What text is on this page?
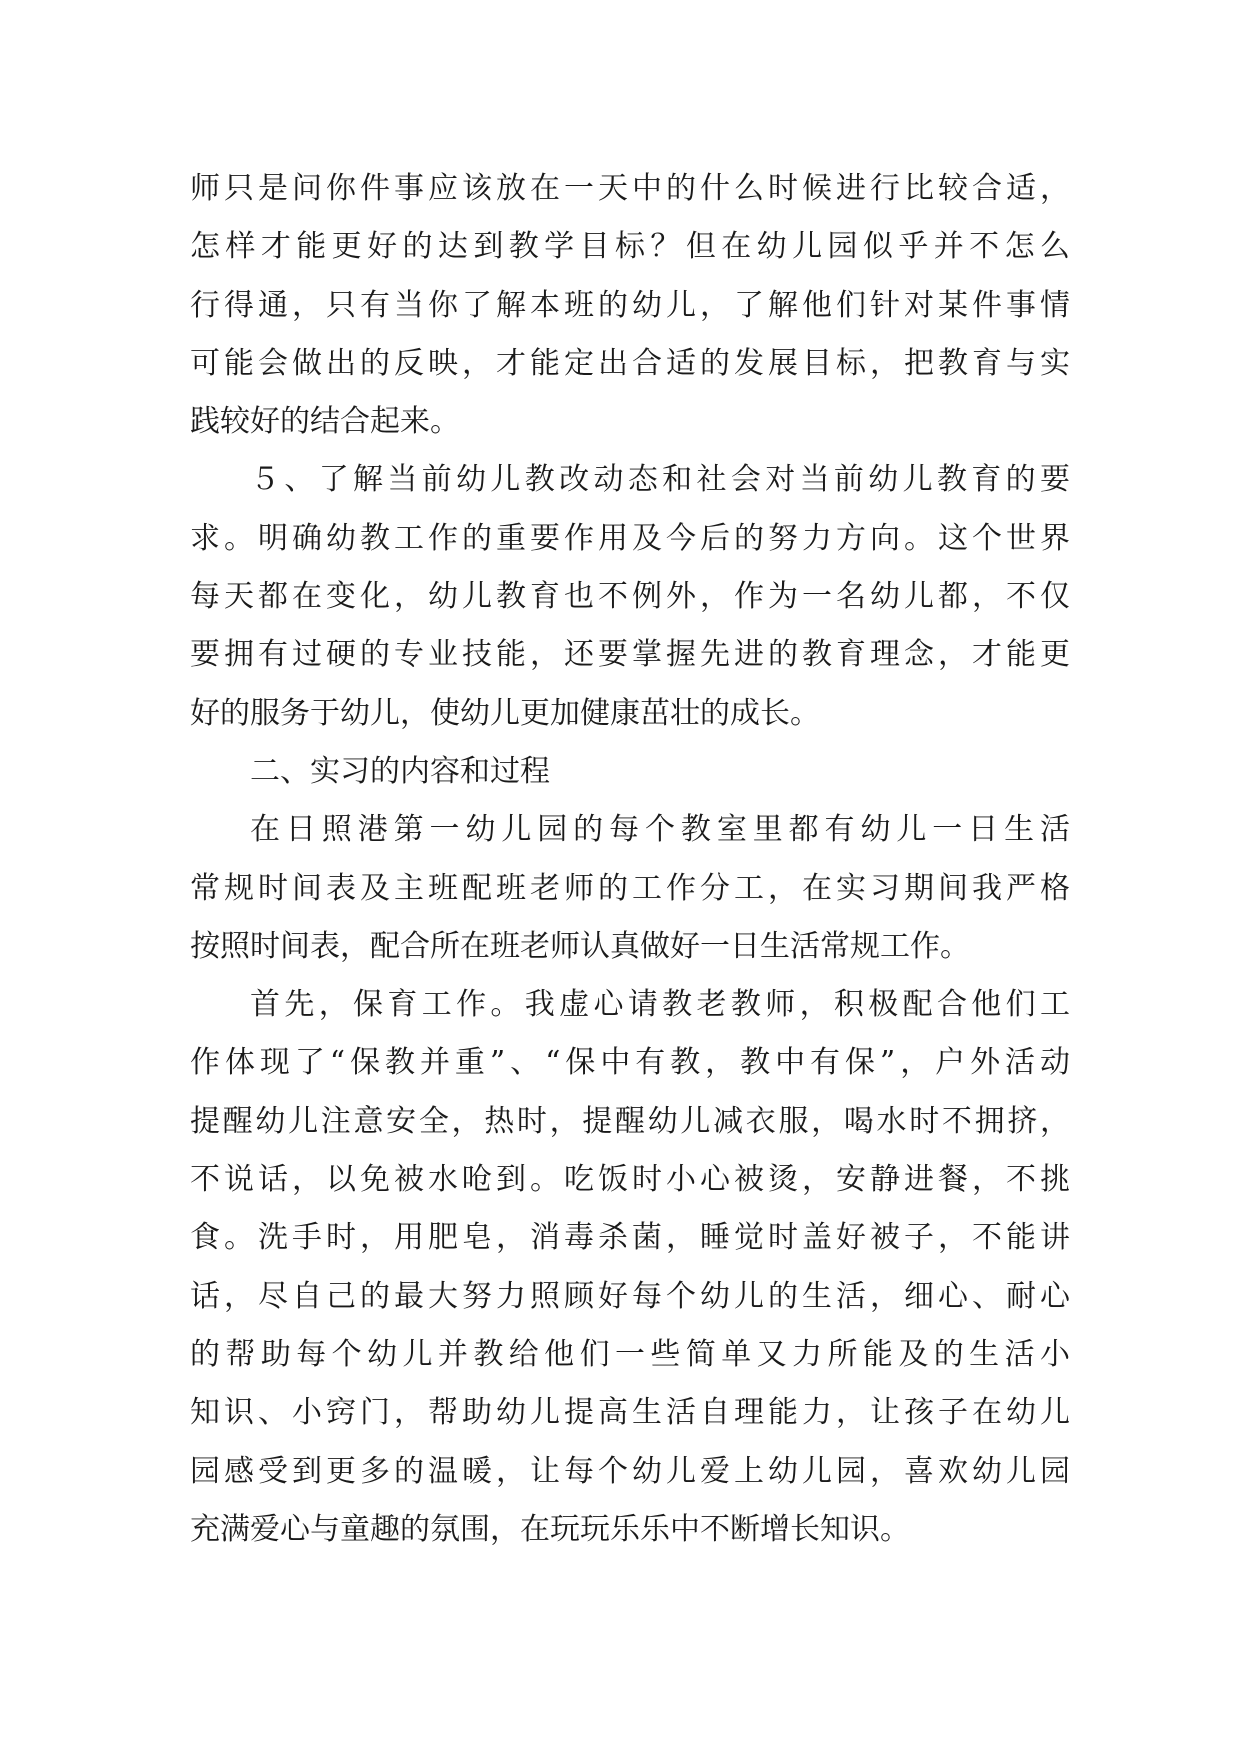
师只是问你件事应该放在一天中的什么时候进行比较合适，
怎样才能更好的达到教学目标？但在幼儿园似乎并不怎么
行得通，只有当你了解本班的幼儿，了解他们针对某件事情
可能会做出的反映，才能定出合适的发展目标，把教育与实
践较好的结合起来。
５、了解当前幼儿教改动态和社会对当前幼儿教育的要
求。明确幼教工作的重要作用及今后的努力方向。这个世界
每天都在变化，幼儿教育也不例外，作为一名幼儿都，不仅
要拥有过硬的专业技能，还要掌握先进的教育理念，才能更
好的服务于幼儿，使幼儿更加健康茁壮的成长。
二、实习的内容和过程
在日照港第一幼儿园的每个教室里都有幼儿一日生活
常规时间表及主班配班老师的工作分工，在实习期间我严格
按照时间表，配合所在班老师认真做好一日生活常规工作。
首先，保育工作。我虚心请教老教师，积极配合他们工
作体现了“保教并重”、“保中有教，教中有保”，户外活动
提醒幼儿注意安全，热时，提醒幼儿减衣服，喝水时不拥挤，
不说话，以免被水呛到。吃饭时小心被烫，安静进餐，不挑
食。洗手时，用肥皂，消毒杀菌，睡觉时盖好被子，不能讲
话，尽自己的最大努力照顾好每个幼儿的生活，细心、耐心
的帮助每个幼儿并教给他们一些简单又力所能及的生活小
知识、小窍门，帮助幼儿提高生活自理能力，让孩子在幼儿
园感受到更多的温暖，让每个幼儿爱上幼儿园，喜欢幼儿园
充满爱心与童趣的氛围，在玩玩乐乐中不断增长知识。
